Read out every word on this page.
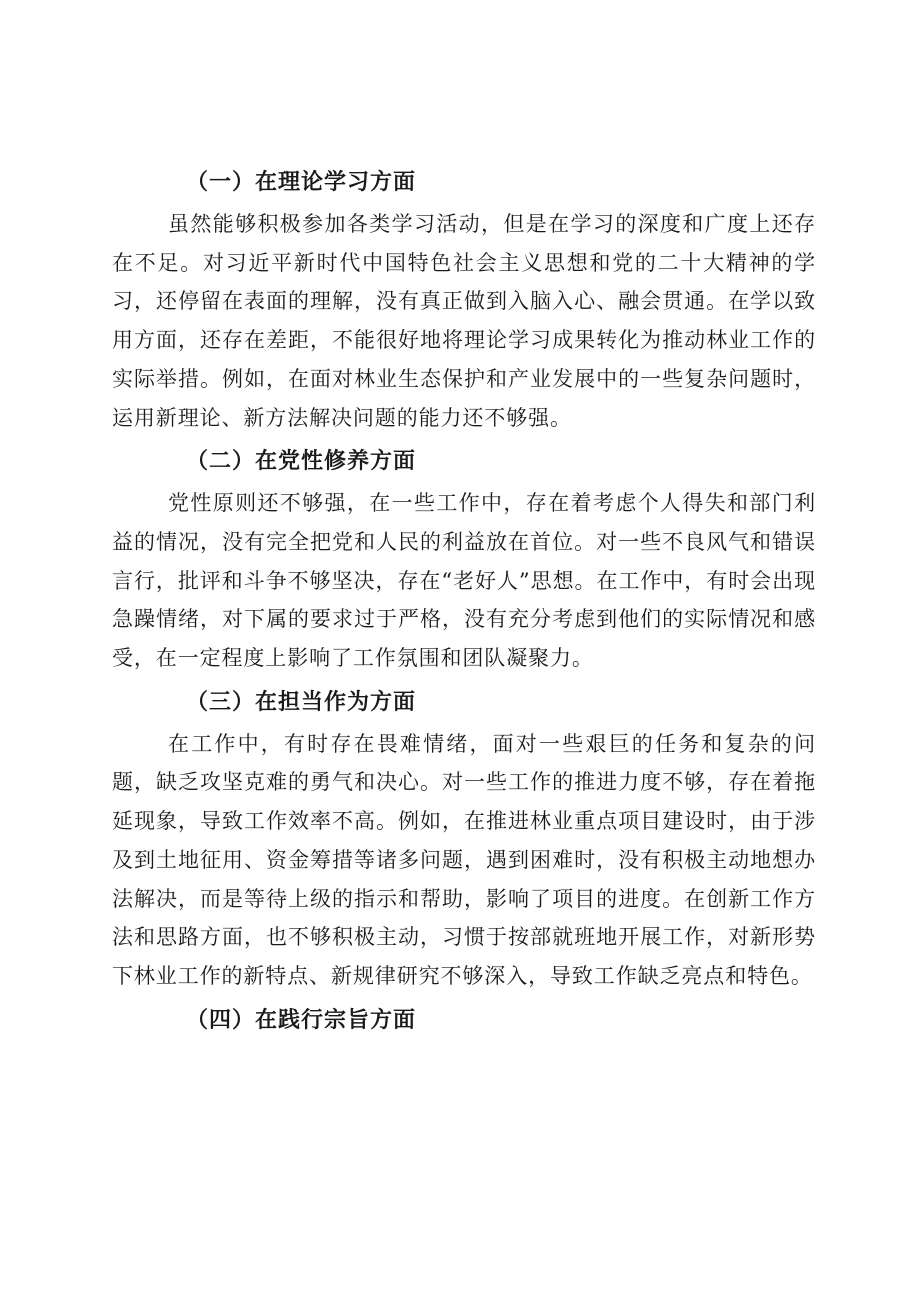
（一）在理论学习方面

虽然能够积极参加各类学习活动，但是在学习的深度和广度上还存在不足。对习近平新时代中国特色社会主义思想和党的二十大精神的学习，还停留在表面的理解，没有真正做到入脑入心、融会贯通。在学以致用方面，还存在差距，不能很好地将理论学习成果转化为推动林业工作的实际举措。例如，在面对林业生态保护和产业发展中的一些复杂问题时，运用新理论、新方法解决问题的能力还不够强。

（二）在党性修养方面

党性原则还不够强，在一些工作中，存在着考虑个人得失和部门利益的情况，没有完全把党和人民的利益放在首位。对一些不良风气和错误言行，批评和斗争不够坚决，存在“老好人”思想。在工作中，有时会出现急躁情绪，对下属的要求过于严格，没有充分考虑到他们的实际情况和感受，在一定程度上影响了工作氛围和团队凝聚力。

（三）在担当作为方面

在工作中，有时存在畏难情绪，面对一些艰巨的任务和复杂的问题，缺乏攻坚克难的勇气和决心。对一些工作的推进力度不够，存在着拖延现象，导致工作效率不高。例如，在推进林业重点项目建设时，由于涉及到土地征用、资金筹措等诸多问题，遇到困难时，没有积极主动地想办法解决，而是等待上级的指示和帮助，影响了项目的进度。在创新工作方法和思路方面，也不够积极主动，习惯于按部就班地开展工作，对新形势下林业工作的新特点、新规律研究不够深入，导致工作缺乏亮点和特色。

（四）在践行宗旨方面
